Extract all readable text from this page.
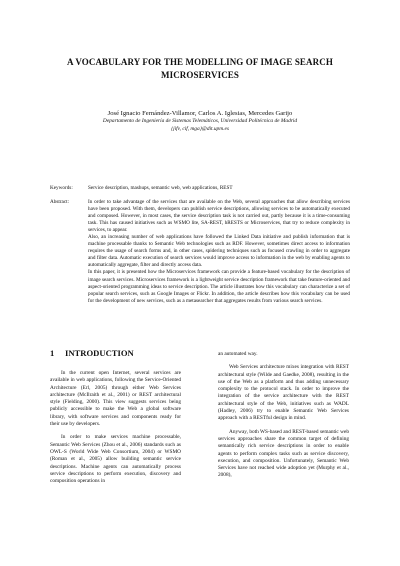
A VOCABULARY FOR THE MODELLING OF IMAGE SEARCH MICROSERVICES
José Ignacio Fernández-Villamor, Carlos A. Iglesias, Mercedes Garijo
Departamento de Ingeniería de Sistemas Telemáticos, Universidad Politécnica de Madrid
{jifv, cif, mga}@dit.upm.es
Keywords:	Service description, mashups, semantic web, web applications, REST
Abstract:	In order to take advantage of the services that are available on the Web, several approaches that allow describing services have been proposed. With them, developers can publish service descriptions, allowing services to be automatically executed and composed. However, in most cases, the service description task is not carried out, partly because it is a time-consuming task. This has caused initiatives such as WSMO lite, SA-REST, hRESTS or Microservices, that try to reduce complexity in services, to appear.

Also, an increasing number of web applications have followed the Linked Data initiative and publish information that is machine processable thanks to Semantic Web technologies such as RDF. However, sometimes direct access to information requires the usage of search forms and, in other cases, spidering techniques such as focused crawling in order to aggregate and filter data. Automatic execution of search services would improve access to information in the web by enabling agents to automatically aggregate, filter and directly access data.

In this paper, it is presented how the Microservices framework can provide a feature-based vocabulary for the description of image search services. Microservices framework is a lightweight service description framework that take feature-oriented and aspect-oriented programming ideas to service description. The article illustrates how this vocabulary can characterize a set of popular search services, such as Google Images or Flickr. In addition, the article describes how this vocabulary can be used for the development of new services, such as a metasearcher that aggregates results from various search services.

1 INTRODUCTION

In the current open Internet, several services are available in web applications, following the Service-Oriented Architecture (Erl, 2005) through either Web Services architecture (McIlraith et al., 2001) or REST architectural style (Fielding, 2000). This view suggests services being publicly accessible to make the Web a global software library, with software services and components ready for their use by developers.

In order to make services machine processable, Semantic Web Services (Zhou et al., 2006) standards such as OWL-S (World Wide Web Consortium, 2004) or WSMO (Roman et al., 2005) allow building semantic service descriptions. Machine agents can automatically process service descriptions to perform execution, discovery and composition operations in

an automated way.

Web Services architecture mixes integration with REST architectural style (Wilde and Gaedke, 2008), resulting in the use of the Web as a platform and thus adding unnecessary complexity to the protocol stack. In order to improve the integration of the service architecture with the REST architectural style of the Web, initiatives such as WADL (Hadley, 2006) try to enable Semantic Web Services approach with a RESTful design in mind.

Anyway, both WS-based and REST-based semantic web services approaches share the common target of defining semantically rich service descriptions in order to enable agents to perform complex tasks such as service discovery, execution, and composition. Unfortunately, Semantic Web Services have not reached wide adoption yet (Murphy et al., 2008),
